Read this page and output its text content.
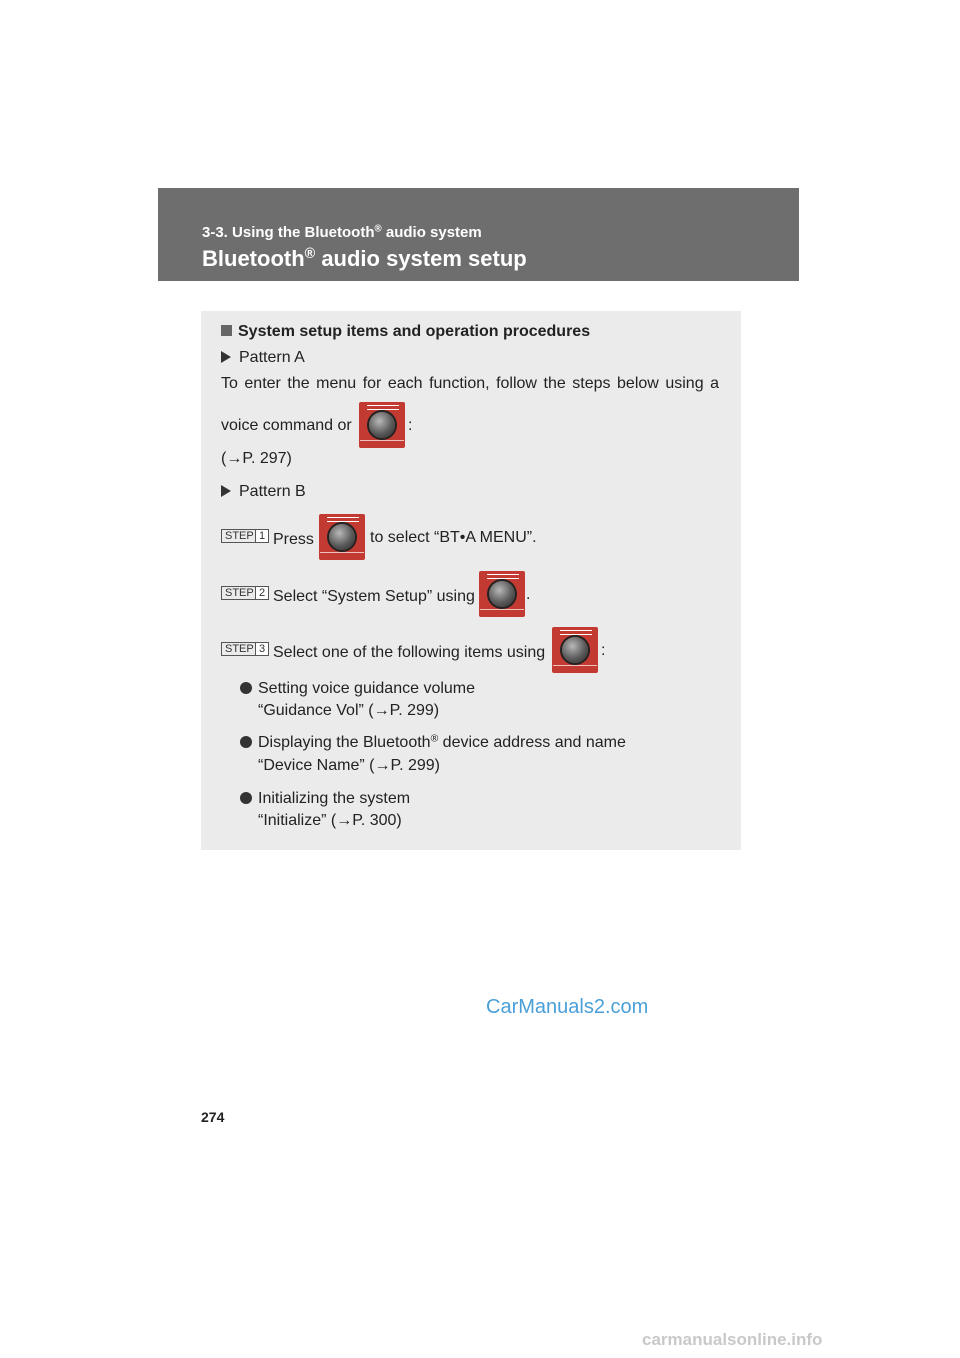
3-3. Using the Bluetooth® audio system
Bluetooth® audio system setup
System setup items and operation procedures
Pattern A
To enter the menu for each function, follow the steps below using a
voice command or	:
(→P. 297)
Pattern B
STEP 1 Press	to select “BT•A MENU”.
STEP 2 Select “System Setup” using	.
STEP 3 Select one of the following items using	:
Setting voice guidance volume
“Guidance Vol” (→P. 299)
Displaying the Bluetooth® device address and name
“Device Name” (→P. 299)
Initializing the system
“Initialize” (→P. 300)
274
CarManuals2.com
carmanualsonline.info
